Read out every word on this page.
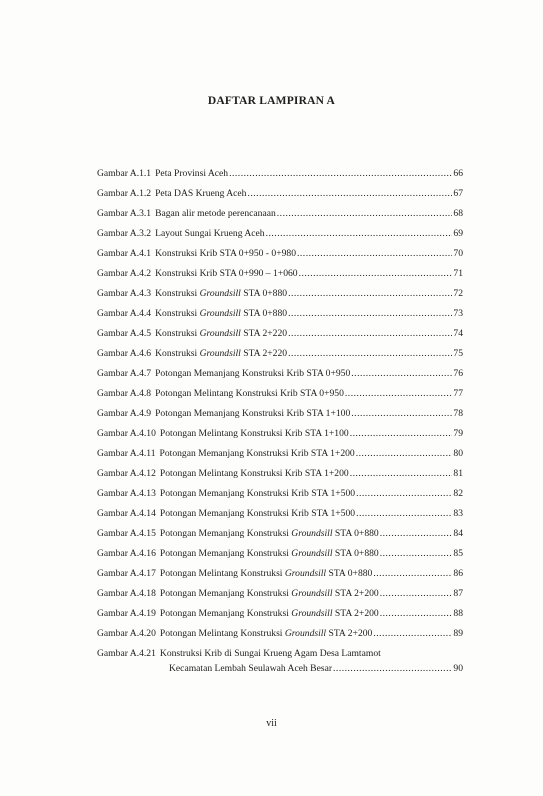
DAFTAR LAMPIRAN A
Gambar A.1.1 Peta Provinsi Aceh .....	66
Gambar A.1.2 Peta DAS Krueng Aceh .....	67
Gambar A.3.1 Bagan alir metode perencanaan .....	68
Gambar A.3.2 Layout Sungai Krueng Aceh .....	69
Gambar A.4.1 Konstruksi Krib STA 0+950 - 0+980 .....	70
Gambar A.4.2 Konstruksi Krib STA 0+990 – 1+060 .....	71
Gambar A.4.3 Konstruksi Groundsill STA 0+880 .....	72
Gambar A.4.4 Konstruksi Groundsill STA 0+880 .....	73
Gambar A.4.5 Konstruksi Groundsill STA 2+220 .....	74
Gambar A.4.6 Konstruksi Groundsill STA 2+220 .....	75
Gambar A.4.7 Potongan Memanjang Konstruksi Krib STA 0+950 .....	76
Gambar A.4.8 Potongan Melintang Konstruksi Krib STA 0+950 .....	77
Gambar A.4.9 Potongan Memanjang Konstruksi Krib STA 1+100 .....	78
Gambar A.4.10 Potongan Melintang Konstruksi Krib STA 1+100 .....	79
Gambar A.4.11 Potongan Memanjang Konstruksi Krib STA 1+200 .....	80
Gambar A.4.12 Potongan Melintang Konstruksi Krib STA 1+200 .....	81
Gambar A.4.13 Potongan Memanjang Konstruksi Krib STA 1+500 .....	82
Gambar A.4.14 Potongan Memanjang Konstruksi Krib STA 1+500 .....	83
Gambar A.4.15 Potongan Memanjang Konstruksi Groundsill STA 0+880 .....	84
Gambar A.4.16 Potongan Memanjang Konstruksi Groundsill STA 0+880 .....	85
Gambar A.4.17 Potongan Melintang Konstruksi Groundsill STA 0+880 .....	86
Gambar A.4.18 Potongan Memanjang Konstruksi Groundsill STA 2+200 .....	87
Gambar A.4.19 Potongan Memanjang Konstruksi Groundsill STA 2+200 .....	88
Gambar A.4.20 Potongan Melintang Konstruksi Groundsill STA 2+200 .....	89
Gambar A.4.21 Konstruksi Krib di Sungai Krueng Agam Desa Lamtamot
Kecamatan Lembah Seulawah Aceh Besar .....	90
vii
